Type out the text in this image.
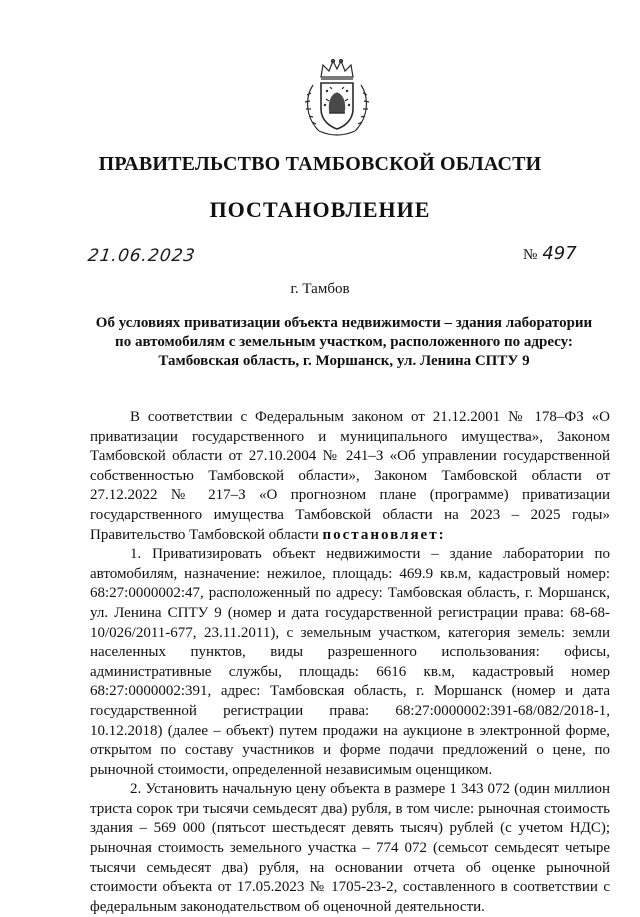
ПРАВИТЕЛЬСТВО ТАМБОВСКОЙ ОБЛАСТИ
ПОСТАНОВЛЕНИЕ
21.06.2023	№ 497
г. Тамбов
Об условиях приватизации объекта недвижимости – здания лаборатории
по автомобилям с земельным участком, расположенного по адресу:
Тамбовская область, г. Моршанск, ул. Ленина СПТУ 9

В соответствии с Федеральным законом от 21.12.2001 № 178–ФЗ «О приватизации государственного и муниципального имущества», Законом Тамбовской области от 27.10.2004 № 241–З «Об управлении государственной собственностью Тамбовской области», Законом Тамбовской области от 27.12.2022 № 217–З «О прогнозном плане (программе) приватизации государственного имущества Тамбовской области на 2023 – 2025 годы» Правительство Тамбовской области постановляет:

1. Приватизировать объект недвижимости – здание лаборатории по автомобилям, назначение: нежилое, площадь: 469.9 кв.м, кадастровый номер: 68:27:0000002:47, расположенный по адресу: Тамбовская область, г. Моршанск, ул. Ленина СПТУ 9 (номер и дата государственной регистрации права: 68-68-10/026/2011-677, 23.11.2011), с земельным участком, категория земель: земли населенных пунктов, виды разрешенного использования: офисы, административные службы, площадь: 6616 кв.м, кадастровый номер 68:27:0000002:391, адрес: Тамбовская область, г. Моршанск (номер и дата государственной регистрации права: 68:27:0000002:391-68/082/2018-1, 10.12.2018) (далее – объект) путем продажи на аукционе в электронной форме, открытом по составу участников и форме подачи предложений о цене, по рыночной стоимости, определенной независимым оценщиком.

2. Установить начальную цену объекта в размере 1 343 072 (один миллион триста сорок три тысячи семьдесят два) рубля, в том числе: рыночная стоимость здания – 569 000 (пятьсот шестьдесят девять тысяч) рублей (с учетом НДС); рыночная стоимость земельного участка – 774 072 (семьсот семьдесят четыре тысячи семьдесят два) рубля, на основании отчета об оценке рыночной стоимости объекта от 17.05.2023 № 1705-23-2, составленного в соответствии с федеральным законодательством об оценочной деятельности.
